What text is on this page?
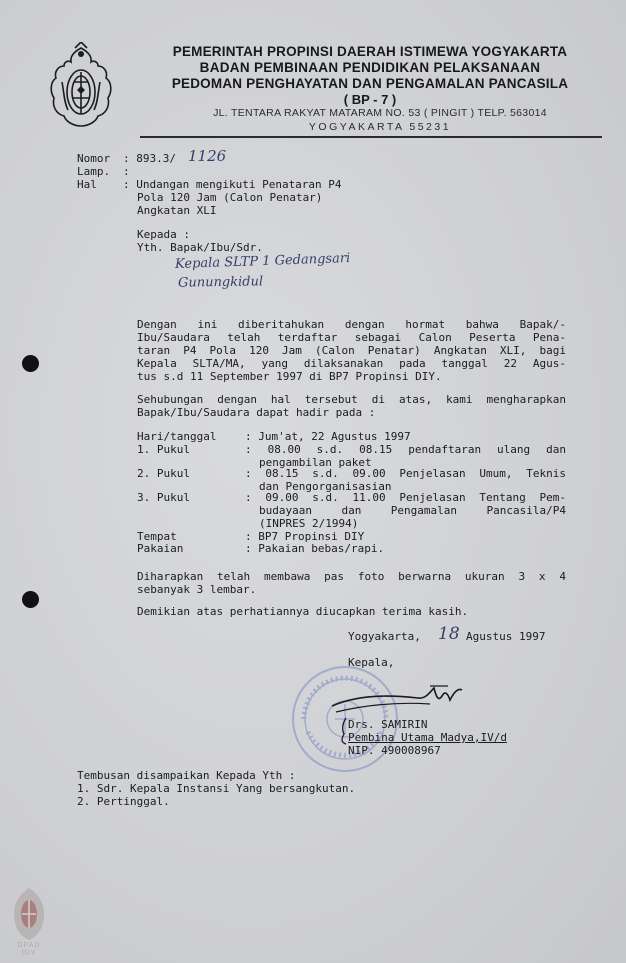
PEMERINTAH PROPINSI DAERAH ISTIMEWA YOGYAKARTA
BADAN PEMBINAAN PENDIDIKAN PELAKSANAAN
PEDOMAN PENGHAYATAN DAN PENGAMALAN PANCASILA
( BP - 7 )
JL. TENTARA RAKYAT MATARAM NO. 53 ( PINGIT ) TELP. 563014
YOGYAKARTA 55231
Nomor : 893.3/ 1126
Lamp. :
Hal : Undangan mengikuti Penataran P4
Pola 120 Jam (Calon Penatar)
Angkatan XLI
Kepada :
Yth. Bapak/Ibu/Sdr.
Kepala SLTP 1 Gedangsari
Gunungkidul
Dengan ini diberitahukan dengan hormat bahwa Bapak/-
Ibu/Saudara telah terdaftar sebagai Calon Peserta Pena-
taran P4 Pola 120 Jam (Calon Penatar) Angkatan XLI, bagi
Kepala SLTA/MA, yang dilaksanakan pada tanggal 22 Agus-
tus s.d 11 September 1997 di BP7 Propinsi DIY.
Sehubungan dengan hal tersebut di atas, kami mengharapkan
Bapak/Ibu/Saudara dapat hadir pada :
Hari/tanggal	: Jum'at, 22 Agustus 1997
1. Pukul	: 08.00 s.d. 08.15 pendaftaran ulang dan
pengambilan paket
2. Pukul	: 08.15 s.d. 09.00 Penjelasan Umum, Teknis
dan Pengorganisasian
3. Pukul	: 09.00 s.d. 11.00 Penjelasan Tentang Pem-
budayaan dan Pengamalan Pancasila/P4
(INPRES 2/1994)
Tempat	: BP7 Propinsi DIY
Pakaian	: Pakaian bebas/rapi.
Diharapkan telah membawa pas foto berwarna ukuran 3 x 4
sebanyak 3 lembar.
Demikian atas perhatiannya diucapkan terima kasih.
Yogyakarta, 18 Agustus 1997
Kepala,
Drs. SAMIRIN
Pembina Utama Madya,IV/d
NIP. 490008967
Tembusan disampaikan Kepada Yth :
1. Sdr. Kepala Instansi Yang bersangkutan.
2. Pertinggal.
DPAD
DIY
